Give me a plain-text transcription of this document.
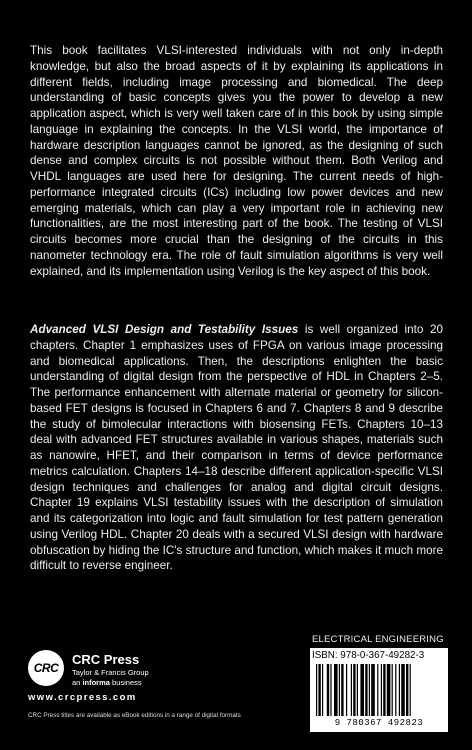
This book facilitates VLSI-interested individuals with not only in-depth knowledge, but also the broad aspects of it by explaining its applications in different fields, including image processing and biomedical. The deep understanding of basic concepts gives you the power to develop a new application aspect, which is very well taken care of in this book by using simple language in explaining the concepts. In the VLSI world, the importance of hardware description languages cannot be ignored, as the designing of such dense and complex circuits is not possible without them. Both Verilog and VHDL languages are used here for designing. The current needs of high-performance integrated circuits (ICs) including low power devices and new emerging materials, which can play a very important role in achieving new functionalities, are the most interesting part of the book. The testing of VLSI circuits becomes more crucial than the designing of the circuits in this nanometer technology era. The role of fault simulation algorithms is very well explained, and its implementation using Verilog is the key aspect of this book.

Advanced VLSI Design and Testability Issues is well organized into 20 chapters. Chapter 1 emphasizes uses of FPGA on various image processing and biomedical applications. Then, the descriptions enlighten the basic understanding of digital design from the perspective of HDL in Chapters 2–5. The performance enhancement with alternate material or geometry for silicon-based FET designs is focused in Chapters 6 and 7. Chapters 8 and 9 describe the study of bimolecular interactions with biosensing FETs. Chapters 10–13 deal with advanced FET structures available in various shapes, materials such as nanowire, HFET, and their comparison in terms of device performance metrics calculation. Chapters 14–18 describe different application-specific VLSI design techniques and challenges for analog and digital circuit designs. Chapter 19 explains VLSI testability issues with the description of simulation and its categorization into logic and fault simulation for test pattern generation using Verilog HDL. Chapter 20 deals with a secured VLSI design with hardware obfuscation by hiding the IC's structure and function, which makes it much more difficult to reverse engineer.

CRC
CRC Press
Taylor & Francis Group
an informa business
www.crcpress.com
CRC Press titles are available as eBook editions in a range of digital formats
ELECTRICAL ENGINEERING
ISBN: 978-0-367-49282-3
9 780367 492823
